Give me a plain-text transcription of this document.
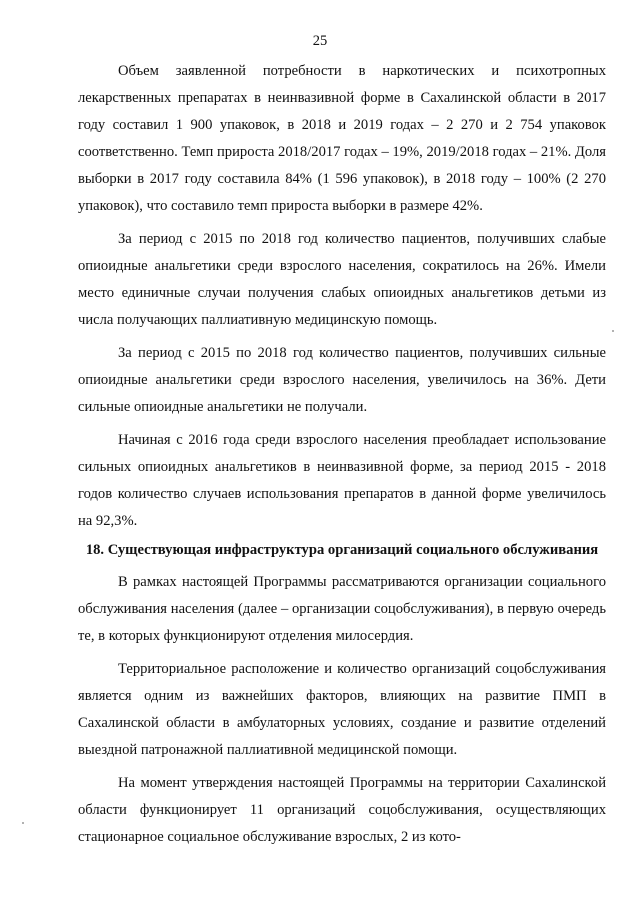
25

Объем заявленной потребности в наркотических и психотропных лекарственных препаратах в неинвазивной форме в Сахалинской области в 2017 году составил 1 900 упаковок, в 2018 и 2019 годах – 2 270 и 2 754 упаковок соответственно. Темп прироста 2018/2017 годах – 19%, 2019/2018 годах – 21%. Доля выборки в 2017 году составила 84% (1 596 упаковок), в 2018 году – 100% (2 270 упаковок), что составило темп прироста выборки в размере 42%.

За период с 2015 по 2018 год количество пациентов, получивших слабые опиоидные анальгетики среди взрослого населения, сократилось на 26%. Имели место единичные случаи получения слабых опиоидных анальгетиков детьми из числа получающих паллиативную медицинскую помощь.

За период с 2015 по 2018 год количество пациентов, получивших сильные опиоидные анальгетики среди взрослого населения, увеличилось на 36%. Дети сильные опиоидные анальгетики не получали.

Начиная с 2016 года среди взрослого населения преобладает использование сильных опиоидных анальгетиков в неинвазивной форме, за период 2015 - 2018 годов количество случаев использования препаратов в данной форме увеличилось на 92,3%.

18. Существующая инфраструктура организаций социального обслуживания

В рамках настоящей Программы рассматриваются организации социального обслуживания населения (далее – организации соцобслуживания), в первую очередь те, в которых функционируют отделения милосердия.

Территориальное расположение и количество организаций соцобслуживания является одним из важнейших факторов, влияющих на развитие ПМП в Сахалинской области в амбулаторных условиях, создание и развитие отделений выездной патронажной паллиативной медицинской помощи.

На момент утверждения настоящей Программы на территории Сахалинской области функционирует 11 организаций соцобслуживания, осуществляющих стационарное социальное обслуживание взрослых, 2 из кото-
